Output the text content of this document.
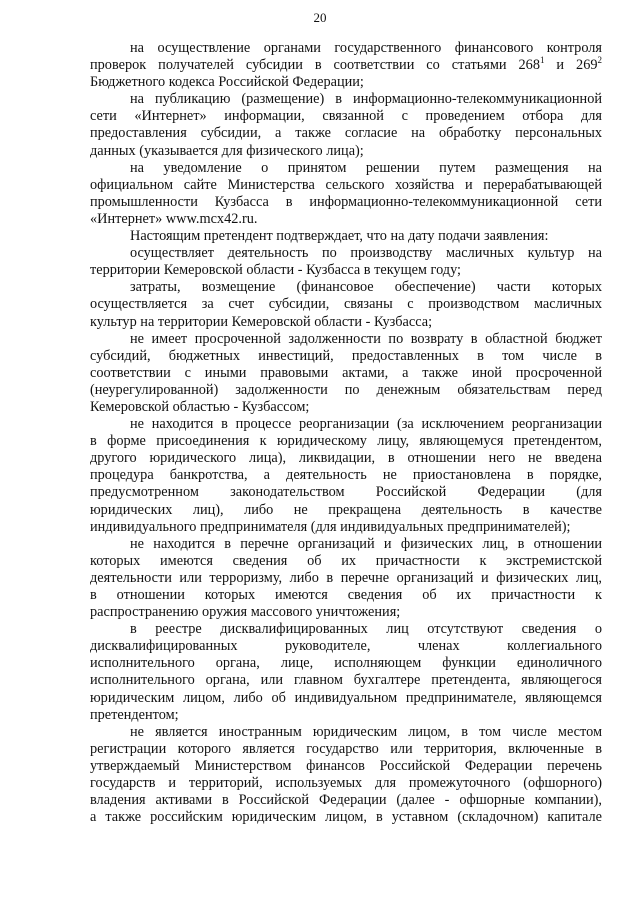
20
на осуществление органами государственного финансового контроля
проверок получателей субсидии в соответствии со статьями $268^1$ и $269^2$
Бюджетного кодекса Российской Федерации;
на публикацию (размещение) в информационно-телекоммуникационной
сети «Интернет» информации, связанной с проведением отбора для
предоставления субсидии, а также согласие на обработку персональных
данных (указывается для физического лица);
на уведомление о принятом решении путем размещения на
официальном сайте Министерства сельского хозяйства и перерабатывающей
промышленности Кузбасса в информационно-телекоммуникационной сети
«Интернет» www.mcx42.ru.
Настоящим претендент подтверждает, что на дату подачи заявления:
осуществляет деятельность по производству масличных культур на
территории Кемеровской области - Кузбасса в текущем году;
затраты, возмещение (финансовое обеспечение) части которых
осуществляется за счет субсидии, связаны с производством масличных
культур на территории Кемеровской области - Кузбасса;
не имеет просроченной задолженности по возврату в областной бюджет
субсидий, бюджетных инвестиций, предоставленных в том числе в
соответствии с иными правовыми актами, а также иной просроченной
(неурегулированной) задолженности по денежным обязательствам перед
Кемеровской областью - Кузбассом;
не находится в процессе реорганизации (за исключением реорганизации
в форме присоединения к юридическому лицу, являющемуся претендентом,
другого юридического лица), ликвидации, в отношении него не введена
процедура банкротства, а деятельность не приостановлена в порядке,
предусмотренном законодательством Российской Федерации (для
юридических лиц), либо не прекращена деятельность в качестве
индивидуального предпринимателя (для индивидуальных предпринимателей);
не находится в перечне организаций и физических лиц, в отношении
которых имеются сведения об их причастности к экстремистской
деятельности или терроризму, либо в перечне организаций и физических лиц,
в отношении которых имеются сведения об их причастности к
распространению оружия массового уничтожения;
в реестре дисквалифицированных лиц отсутствуют сведения о
дисквалифицированных руководителе, членах коллегиального
исполнительного органа, лице, исполняющем функции единоличного
исполнительного органа, или главном бухгалтере претендента, являющегося
юридическим лицом, либо об индивидуальном предпринимателе, являющемся
претендентом;
не является иностранным юридическим лицом, в том числе местом
регистрации которого является государство или территория, включенные в
утверждаемый Министерством финансов Российской Федерации перечень
государств и территорий, используемых для промежуточного (офшорного)
владения активами в Российской Федерации (далее - офшорные компании),
а также российским юридическим лицом, в уставном (складочном) капитале
